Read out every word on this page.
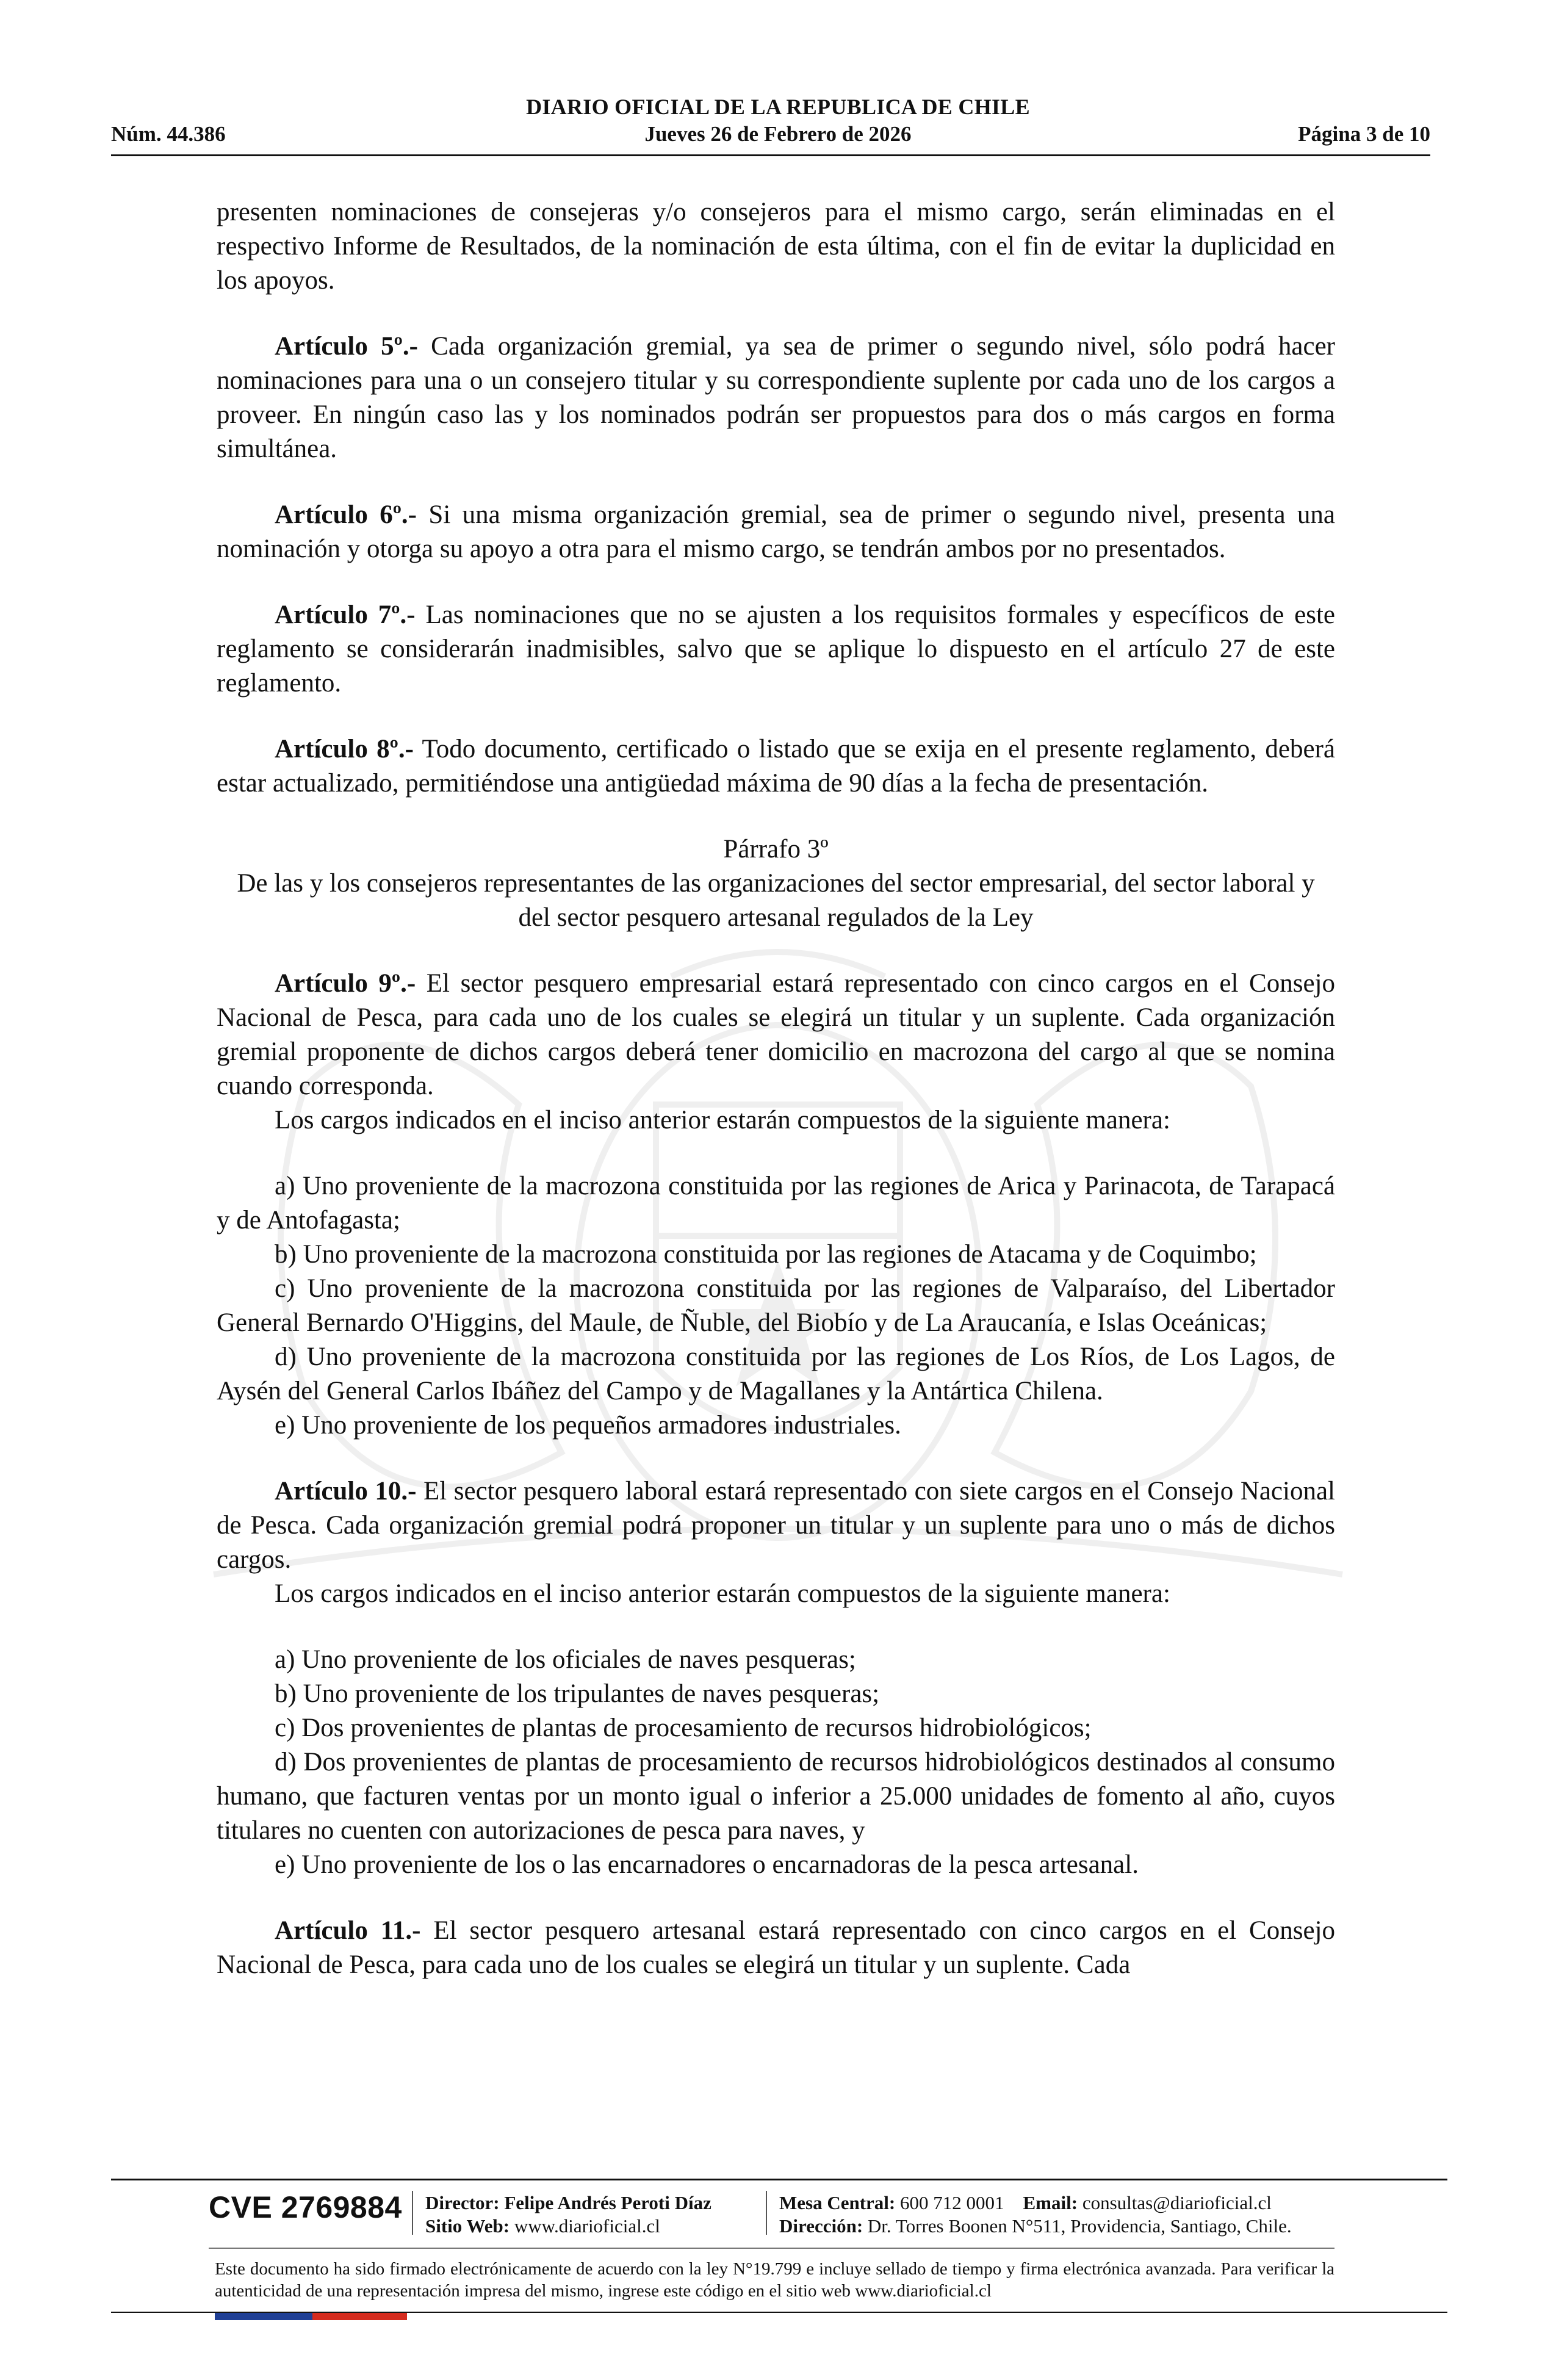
DIARIO OFICIAL DE LA REPUBLICA DE CHILE
Núm. 44.386	Jueves 26 de Febrero de 2026	Página 3 de 10

presenten nominaciones de consejeras y/o consejeros para el mismo cargo, serán eliminadas en el respectivo Informe de Resultados, de la nominación de esta última, con el fin de evitar la duplicidad en los apoyos.

Artículo 5º.- Cada organización gremial, ya sea de primer o segundo nivel, sólo podrá hacer nominaciones para una o un consejero titular y su correspondiente suplente por cada uno de los cargos a proveer. En ningún caso las y los nominados podrán ser propuestos para dos o más cargos en forma simultánea.

Artículo 6º.- Si una misma organización gremial, sea de primer o segundo nivel, presenta una nominación y otorga su apoyo a otra para el mismo cargo, se tendrán ambos por no presentados.

Artículo 7º.- Las nominaciones que no se ajusten a los requisitos formales y específicos de este reglamento se considerarán inadmisibles, salvo que se aplique lo dispuesto en el artículo 27 de este reglamento.

Artículo 8º.- Todo documento, certificado o listado que se exija en el presente reglamento, deberá estar actualizado, permitiéndose una antigüedad máxima de 90 días a la fecha de presentación.

Párrafo 3º

De las y los consejeros representantes de las organizaciones del sector empresarial, del sector laboral y del sector pesquero artesanal regulados de la Ley

Artículo 9º.- El sector pesquero empresarial estará representado con cinco cargos en el Consejo Nacional de Pesca, para cada uno de los cuales se elegirá un titular y un suplente. Cada organización gremial proponente de dichos cargos deberá tener domicilio en macrozona del cargo al que se nomina cuando corresponda.

Los cargos indicados en el inciso anterior estarán compuestos de la siguiente manera:

a) Uno proveniente de la macrozona constituida por las regiones de Arica y Parinacota, de Tarapacá y de Antofagasta;

b) Uno proveniente de la macrozona constituida por las regiones de Atacama y de Coquimbo;

c) Uno proveniente de la macrozona constituida por las regiones de Valparaíso, del Libertador General Bernardo O'Higgins, del Maule, de Ñuble, del Biobío y de La Araucanía, e Islas Oceánicas;

d) Uno proveniente de la macrozona constituida por las regiones de Los Ríos, de Los Lagos, de Aysén del General Carlos Ibáñez del Campo y de Magallanes y la Antártica Chilena.

e) Uno proveniente de los pequeños armadores industriales.

Artículo 10.- El sector pesquero laboral estará representado con siete cargos en el Consejo Nacional de Pesca. Cada organización gremial podrá proponer un titular y un suplente para uno o más de dichos cargos.

Los cargos indicados en el inciso anterior estarán compuestos de la siguiente manera:

a) Uno proveniente de los oficiales de naves pesqueras;

b) Uno proveniente de los tripulantes de naves pesqueras;

c) Dos provenientes de plantas de procesamiento de recursos hidrobiológicos;

d) Dos provenientes de plantas de procesamiento de recursos hidrobiológicos destinados al consumo humano, que facturen ventas por un monto igual o inferior a 25.000 unidades de fomento al año, cuyos titulares no cuenten con autorizaciones de pesca para naves, y

e) Uno proveniente de los o las encarnadores o encarnadoras de la pesca artesanal.

Artículo 11.- El sector pesquero artesanal estará representado con cinco cargos en el Consejo Nacional de Pesca, para cada uno de los cuales se elegirá un titular y un suplente. Cada

CVE 2769884 Director: Felipe Andrés Peroti Díaz
Sitio Web: www.diarioficial.cl
Mesa Central: 600 712 0001 Email: consultas@diarioficial.cl
Dirección: Dr. Torres Boonen N°511, Providencia, Santiago, Chile.
Este documento ha sido firmado electrónicamente de acuerdo con la ley N°19.799 e incluye sellado de tiempo y firma electrónica avanzada. Para verificar la autenticidad de una representación impresa del mismo, ingrese este código en el sitio web www.diarioficial.cl
